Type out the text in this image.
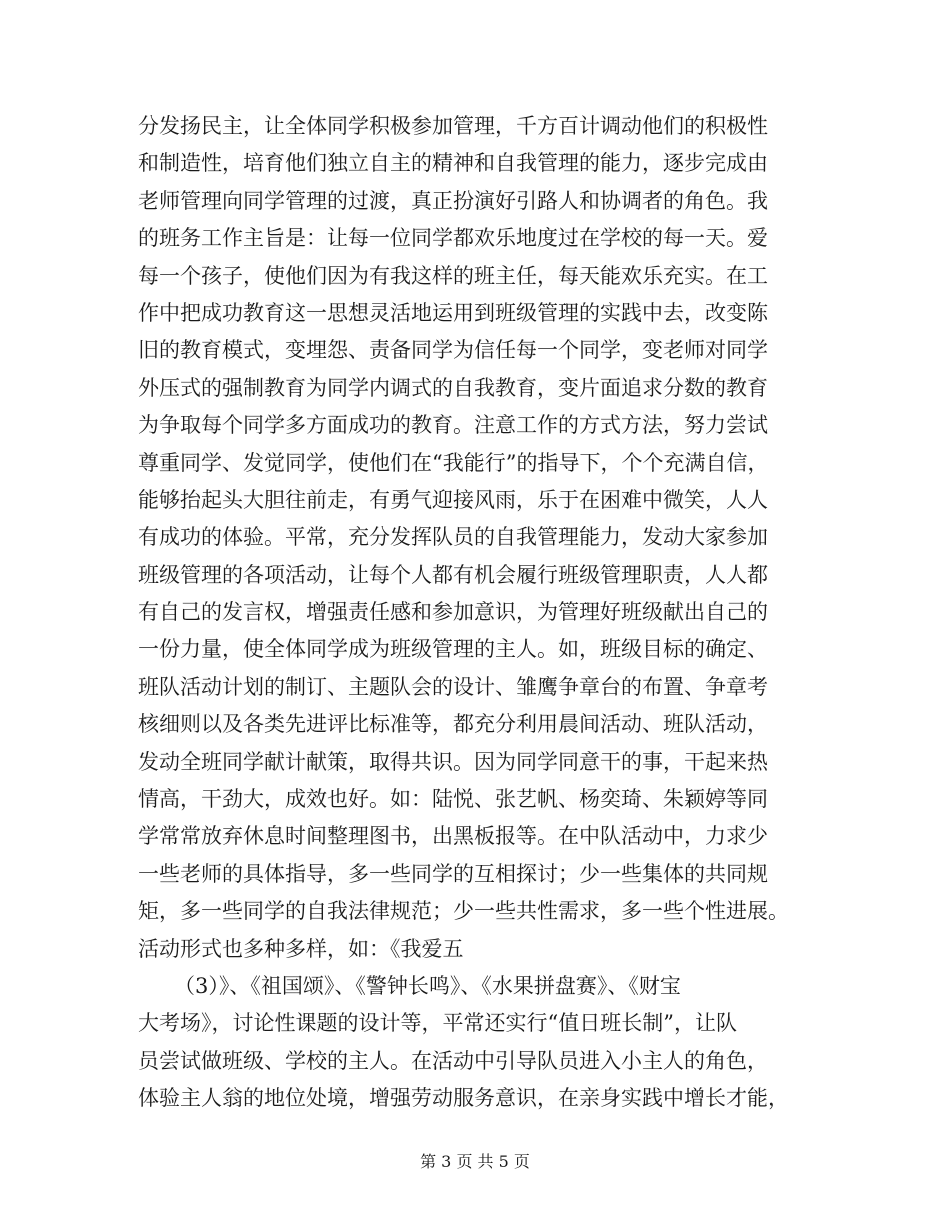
分发扬民主，让全体同学积极参加管理，千方百计调动他们的积极性
和制造性，培育他们独立自主的精神和自我管理的能力，逐步完成由
老师管理向同学管理的过渡，真正扮演好引路人和协调者的角色。我
的班务工作主旨是：让每一位同学都欢乐地度过在学校的每一天。爱
每一个孩子，使他们因为有我这样的班主任，每天能欢乐充实。在工
作中把成功教育这一思想灵活地运用到班级管理的实践中去，改变陈
旧的教育模式，变埋怨、责备同学为信任每一个同学，变老师对同学
外压式的强制教育为同学内调式的自我教育，变片面追求分数的教育
为争取每个同学多方面成功的教育。注意工作的方式方法，努力尝试
尊重同学、发觉同学，使他们在“我能行”的指导下，个个充满自信，
能够抬起头大胆往前走，有勇气迎接风雨，乐于在困难中微笑，人人
有成功的体验。平常，充分发挥队员的自我管理能力，发动大家参加
班级管理的各项活动，让每个人都有机会履行班级管理职责，人人都
有自己的发言权，增强责任感和参加意识，为管理好班级献出自己的
一份力量，使全体同学成为班级管理的主人。如，班级目标的确定、
班队活动计划的制订、主题队会的设计、雏鹰争章台的布置、争章考
核细则以及各类先进评比标准等，都充分利用晨间活动、班队活动，
发动全班同学献计献策，取得共识。因为同学同意干的事，干起来热
情高，干劲大，成效也好。如：陆悦、张艺帆、杨奕琦、朱颖婷等同
学常常放弃休息时间整理图书，出黑板报等。在中队活动中，力求少
一些老师的具体指导，多一些同学的互相探讨；少一些集体的共同规
矩，多一些同学的自我法律规范；少一些共性需求，多一些个性进展。
活动形式也多种多样，如：《我爱五
（3）》、《祖国颂》、《警钟长鸣》、《水果拼盘赛》、《财宝
大考场》，讨论性课题的设计等，平常还实行“值日班长制”，让队
员尝试做班级、学校的主人。在活动中引导队员进入小主人的角色，
体验主人翁的地位处境，增强劳动服务意识，在亲身实践中增长才能，
第 3 页 共 5 页
